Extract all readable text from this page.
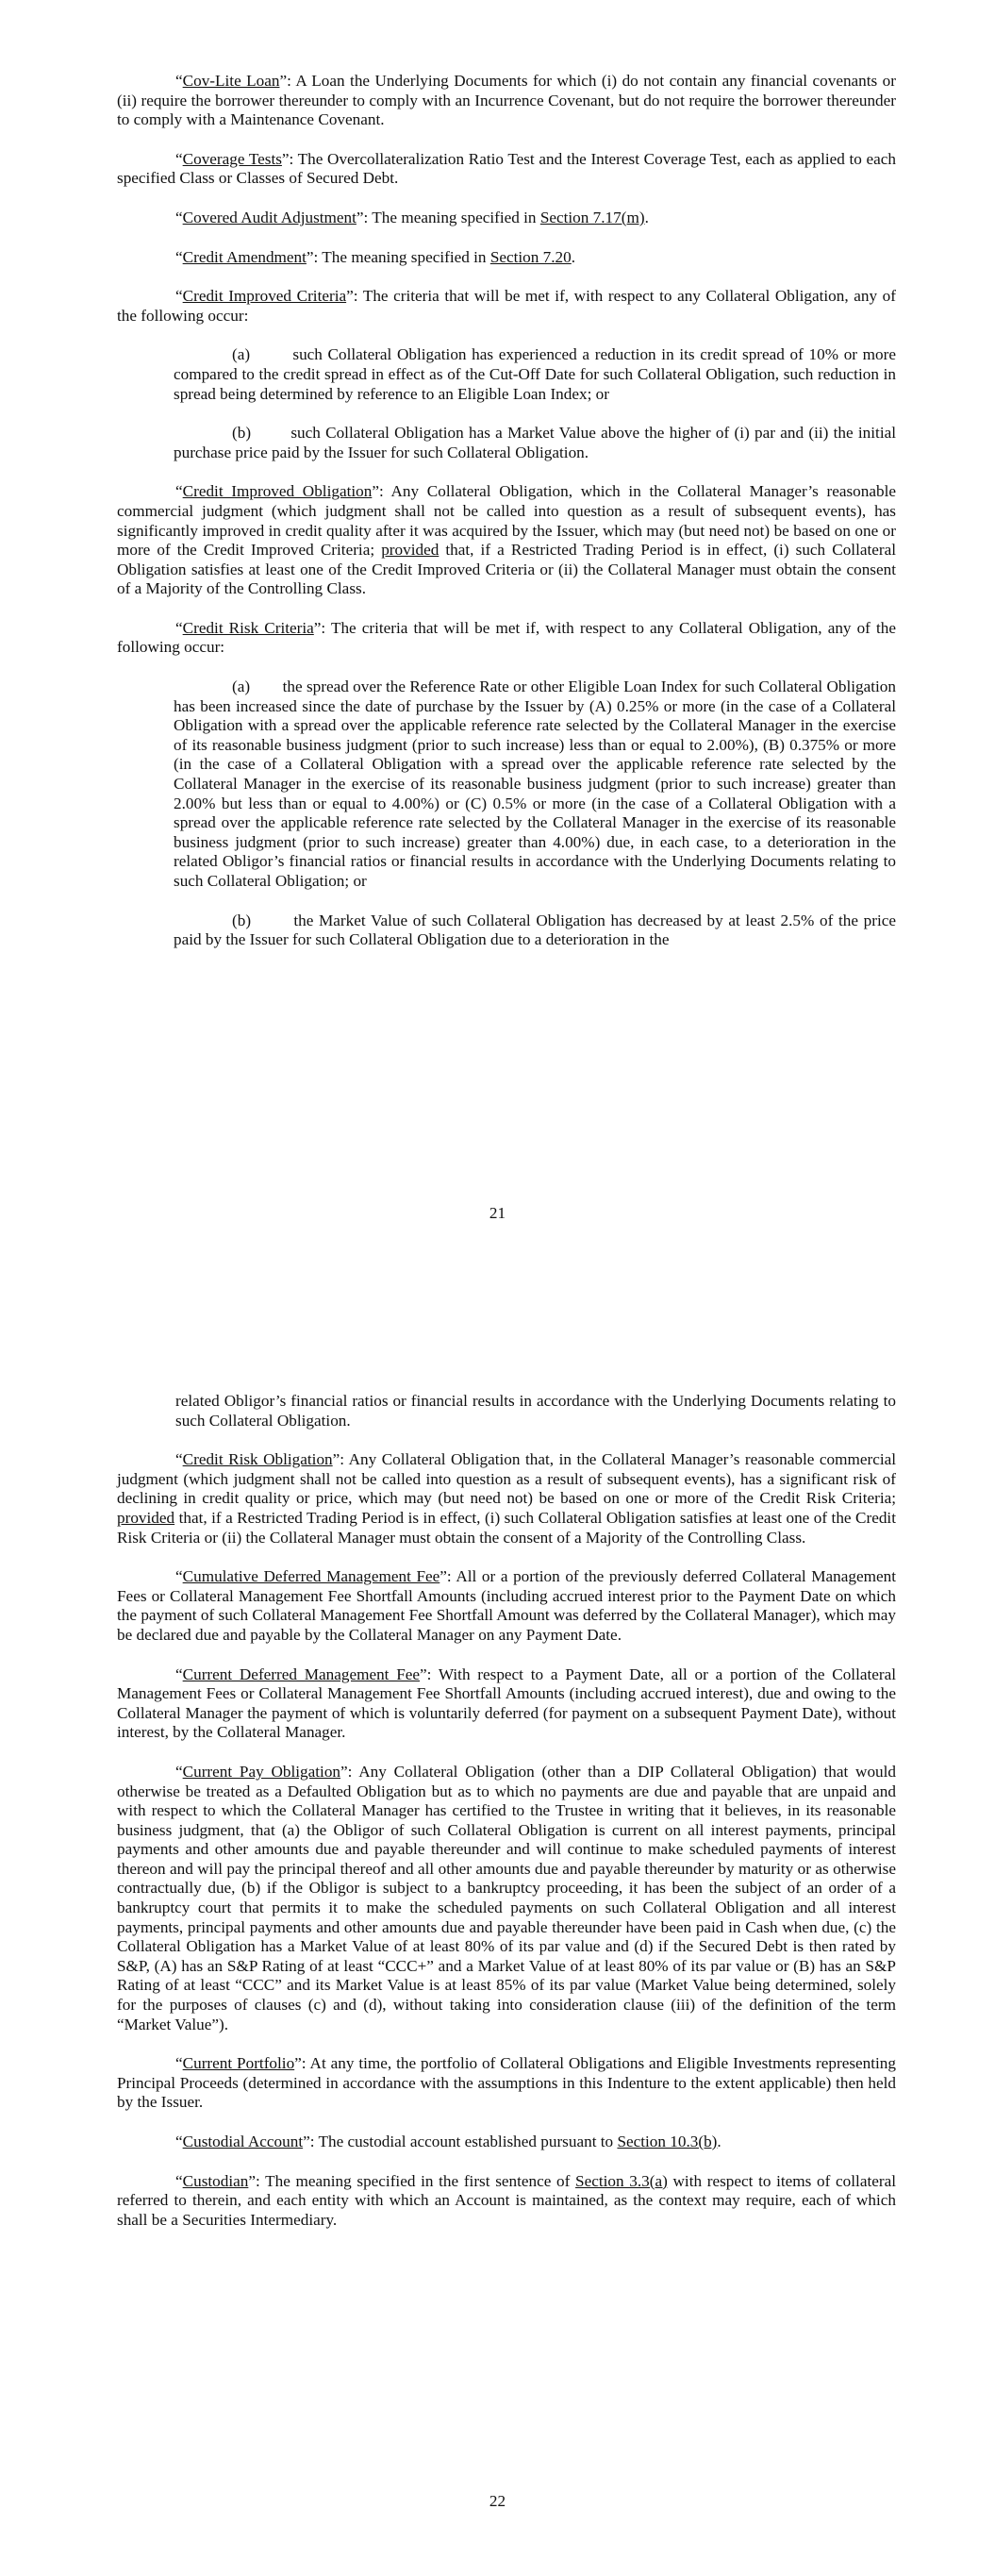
“Cov-Lite Loan”: A Loan the Underlying Documents for which (i) do not contain any financial covenants or (ii) require the borrower thereunder to comply with an Incurrence Covenant, but do not require the borrower thereunder to comply with a Maintenance Covenant.

“Coverage Tests”: The Overcollateralization Ratio Test and the Interest Coverage Test, each as applied to each specified Class or Classes of Secured Debt.

“Covered Audit Adjustment”: The meaning specified in Section 7.17(m).

“Credit Amendment”: The meaning specified in Section 7.20.

“Credit Improved Criteria”: The criteria that will be met if, with respect to any Collateral Obligation, any of the following occur:

(a)	such Collateral Obligation has experienced a reduction in its credit spread of 10% or more compared to the credit spread in effect as of the Cut-Off Date for such Collateral Obligation, such reduction in spread being determined by reference to an Eligible Loan Index; or

(b) such Collateral Obligation has a Market Value above the higher of (i) par and (ii) the initial purchase price paid by the Issuer for such Collateral Obligation.

“Credit Improved Obligation”: Any Collateral Obligation, which in the Collateral Manager’s reasonable commercial judgment (which judgment shall not be called into question as a result of subsequent events), has significantly improved in credit quality after it was acquired by the Issuer, which may (but need not) be based on one or more of the Credit Improved Criteria; provided that, if a Restricted Trading Period is in effect, (i) such Collateral Obligation satisfies at least one of the Credit Improved Criteria or (ii) the Collateral Manager must obtain the consent of a Majority of the Controlling Class.

“Credit Risk Criteria”: The criteria that will be met if, with respect to any Collateral Obligation, any of the following occur:

(a) the spread over the Reference Rate or other Eligible Loan Index for such Collateral Obligation has been increased since the date of purchase by the Issuer by (A) 0.25% or more (in the case of a Collateral Obligation with a spread over the applicable reference rate selected by the Collateral Manager in the exercise of its reasonable business judgment (prior to such increase) less than or equal to 2.00%), (B) 0.375% or more (in the case of a Collateral Obligation with a spread over the applicable reference rate selected by the Collateral Manager in the exercise of its reasonable business judgment (prior to such increase) greater than 2.00% but less than or equal to 4.00%) or (C) 0.5% or more (in the case of a Collateral Obligation with a spread over the applicable reference rate selected by the Collateral Manager in the exercise of its reasonable business judgment (prior to such increase) greater than 4.00%) due, in each case, to a deterioration in the related Obligor’s financial ratios or financial results in accordance with the Underlying Documents relating to such Collateral Obligation; or

(b)	the Market Value of such Collateral Obligation has decreased by at least 2.5% of the price paid by the Issuer for such Collateral Obligation due to a deterioration in the

21

related Obligor’s financial ratios or financial results in accordance with the Underlying Documents relating to such Collateral Obligation.

“Credit Risk Obligation”: Any Collateral Obligation that, in the Collateral Manager’s reasonable commercial judgment (which judgment shall not be called into question as a result of subsequent events), has a significant risk of declining in credit quality or price, which may (but need not) be based on one or more of the Credit Risk Criteria; provided that, if a Restricted Trading Period is in effect, (i) such Collateral Obligation satisfies at least one of the Credit Risk Criteria or (ii) the Collateral Manager must obtain the consent of a Majority of the Controlling Class.

“Cumulative Deferred Management Fee”: All or a portion of the previously deferred Collateral Management Fees or Collateral Management Fee Shortfall Amounts (including accrued interest prior to the Payment Date on which the payment of such Collateral Management Fee Shortfall Amount was deferred by the Collateral Manager), which may be declared due and payable by the Collateral Manager on any Payment Date.

“Current Deferred Management Fee”: With respect to a Payment Date, all or a portion of the Collateral Management Fees or Collateral Management Fee Shortfall Amounts (including accrued interest), due and owing to the Collateral Manager the payment of which is voluntarily deferred (for payment on a subsequent Payment Date), without interest, by the Collateral Manager.

“Current Pay Obligation”: Any Collateral Obligation (other than a DIP Collateral Obligation) that would otherwise be treated as a Defaulted Obligation but as to which no payments are due and payable that are unpaid and with respect to which the Collateral Manager has certified to the Trustee in writing that it believes, in its reasonable business judgment, that (a) the Obligor of such Collateral Obligation is current on all interest payments, principal payments and other amounts due and payable thereunder and will continue to make scheduled payments of interest thereon and will pay the principal thereof and all other amounts due and payable thereunder by maturity or as otherwise contractually due, (b) if the Obligor is subject to a bankruptcy proceeding, it has been the subject of an order of a bankruptcy court that permits it to make the scheduled payments on such Collateral Obligation and all interest payments, principal payments and other amounts due and payable thereunder have been paid in Cash when due, (c) the Collateral Obligation has a Market Value of at least 80% of its par value and (d) if the Secured Debt is then rated by S&P, (A) has an S&P Rating of at least “CCC+” and a Market Value of at least 80% of its par value or (B) has an S&P Rating of at least “CCC” and its Market Value is at least 85% of its par value (Market Value being determined, solely for the purposes of clauses (c) and (d), without taking into consideration clause (iii) of the definition of the term “Market Value”).

“Current Portfolio”: At any time, the portfolio of Collateral Obligations and Eligible Investments representing Principal Proceeds (determined in accordance with the assumptions in this Indenture to the extent applicable) then held by the Issuer.

“Custodial Account”: The custodial account established pursuant to Section 10.3(b).

“Custodian”: The meaning specified in the first sentence of Section 3.3(a) with respect to items of collateral referred to therein, and each entity with which an Account is maintained, as the context may require, each of which shall be a Securities Intermediary.

22
